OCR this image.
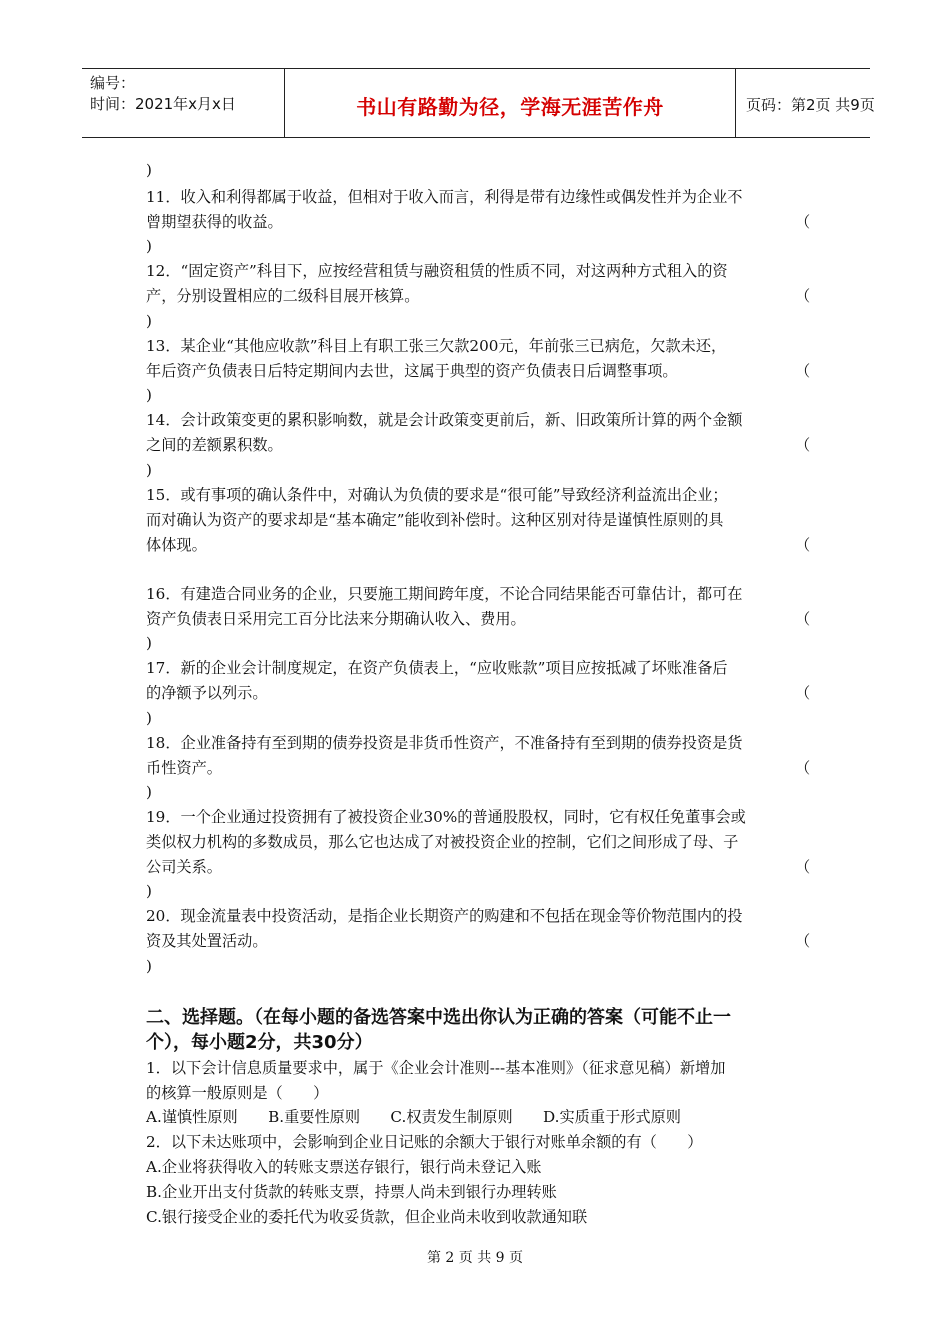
编号：
时间：2021年x月x日	书山有路勤为径，学海无涯苦作舟	页码：第2页 共9页
)
11．收入和利得都属于收益，但相对于收入而言，利得是带有边缘性或偶发性并为企业不
曾期望获得的收益。	（
)
12．“固定资产”科目下，应按经营租赁与融资租赁的性质不同，对这两种方式租入的资
产，分别设置相应的二级科目展开核算。	（
)
13．某企业“其他应收款”科目上有职工张三欠款200元，年前张三已病危，欠款未还，
年后资产负债表日后特定期间内去世，这属于典型的资产负债表日后调整事项。	（
)
14．会计政策变更的累积影响数，就是会计政策变更前后，新、旧政策所计算的两个金额
之间的差额累积数。	（
)
15．或有事项的确认条件中，对确认为负债的要求是“很可能”导致经济利益流出企业；
而对确认为资产的要求却是“基本确定”能收到补偿时。这种区别对待是谨慎性原则的具
体体现。	（
16．有建造合同业务的企业，只要施工期间跨年度，不论合同结果能否可靠估计，都可在
资产负债表日采用完工百分比法来分期确认收入、费用。	（
)
17．新的企业会计制度规定，在资产负债表上，“应收账款”项目应按抵减了坏账准备后
的净额予以列示。	（
)
18．企业准备持有至到期的债券投资是非货币性资产，不准备持有至到期的债券投资是货
币性资产。	（
)
19．一个企业通过投资拥有了被投资企业30%的普通股股权，同时，它有权任免董事会或
类似权力机构的多数成员，那么它也达成了对被投资企业的控制，它们之间形成了母、子
公司关系。	（
)
20．现金流量表中投资活动，是指企业长期资产的购建和不包括在现金等价物范围内的投
资及其处置活动。	（
)
二、选择题。（在每小题的备选答案中选出你认为正确的答案（可能不止一
个），每小题2分，共30分）
1．以下会计信息质量要求中，属于《企业会计准则---基本准则》（征求意见稿）新增加
的核算一般原则是（　　）
A.谨慎性原则　　B.重要性原则　　C.权责发生制原则　　D.实质重于形式原则
2．以下未达账项中，会影响到企业日记账的余额大于银行对账单余额的有（　　）
A.企业将获得收入的转账支票送存银行，银行尚未登记入账
B.企业开出支付货款的转账支票，持票人尚未到银行办理转账
C.银行接受企业的委托代为收妥货款，但企业尚未收到收款通知联
第 2 页 共 9 页
